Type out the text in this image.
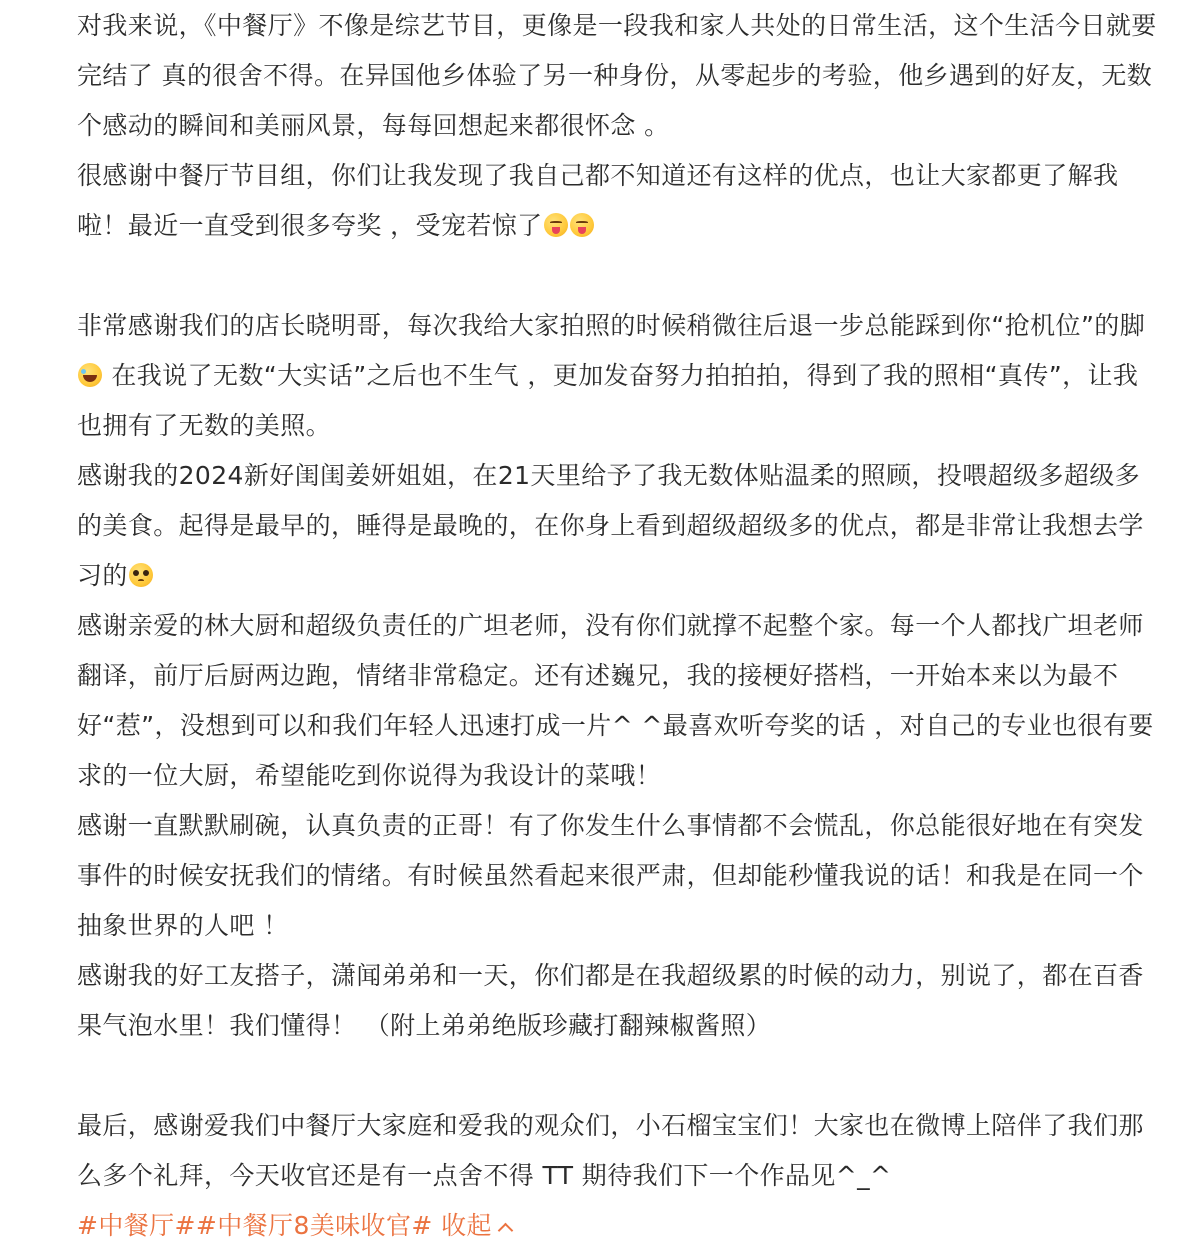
对我来说，《中餐厅》不像是综艺节目，更像是一段我和家人共处的日常生活，这个生活今日就要完结了 真的很舍不得。在异国他乡体验了另一种身份，从零起步的考验，他乡遇到的好友，无数个感动的瞬间和美丽风景，每每回想起来都很怀念 。

很感谢中餐厅节目组，你们让我发现了我自己都不知道还有这样的优点，也让大家都更了解我啦！最近一直受到很多夸奖 ，受宠若惊了

非常感谢我们的店长晓明哥，每次我给大家拍照的时候稍微往后退一步总能踩到你“抢机位”的脚 在我说了无数“大实话”之后也不生气 ，更加发奋努力拍拍拍，得到了我的照相“真传”，让我也拥有了无数的美照。

感谢我的2024新好闺闺姜妍姐姐，在21天里给予了我无数体贴温柔的照顾，投喂超级多超级多的美食。起得是最早的，睡得是最晚的，在你身上看到超级超级多的优点，都是非常让我想去学习的

感谢亲爱的林大厨和超级负责任的广坦老师，没有你们就撑不起整个家。每一个人都找广坦老师翻译，前厅后厨两边跑，情绪非常稳定。还有述巍兄，我的接梗好搭档，一开始本来以为最不好“惹”，没想到可以和我们年轻人迅速打成一片^ ^最喜欢听夸奖的话 ，对自己的专业也很有要求的一位大厨，希望能吃到你说得为我设计的菜哦！

感谢一直默默刷碗，认真负责的正哥！有了你发生什么事情都不会慌乱，你总能很好地在有突发事件的时候安抚我们的情绪。有时候虽然看起来很严肃，但却能秒懂我说的话！和我是在同一个抽象世界的人吧 ！

感谢我的好工友搭子，潇闻弟弟和一天，你们都是在我超级累的时候的动力，别说了，都在百香果气泡水里！我们懂得！ （附上弟弟绝版珍藏打翻辣椒酱照）

最后，感谢爱我们中餐厅大家庭和爱我的观众们，小石榴宝宝们！大家也在微博上陪伴了我们那么多个礼拜，今天收官还是有一点舍不得 TT 期待我们下一个作品见^_^

#中餐厅##中餐厅8美味收官# 收起
